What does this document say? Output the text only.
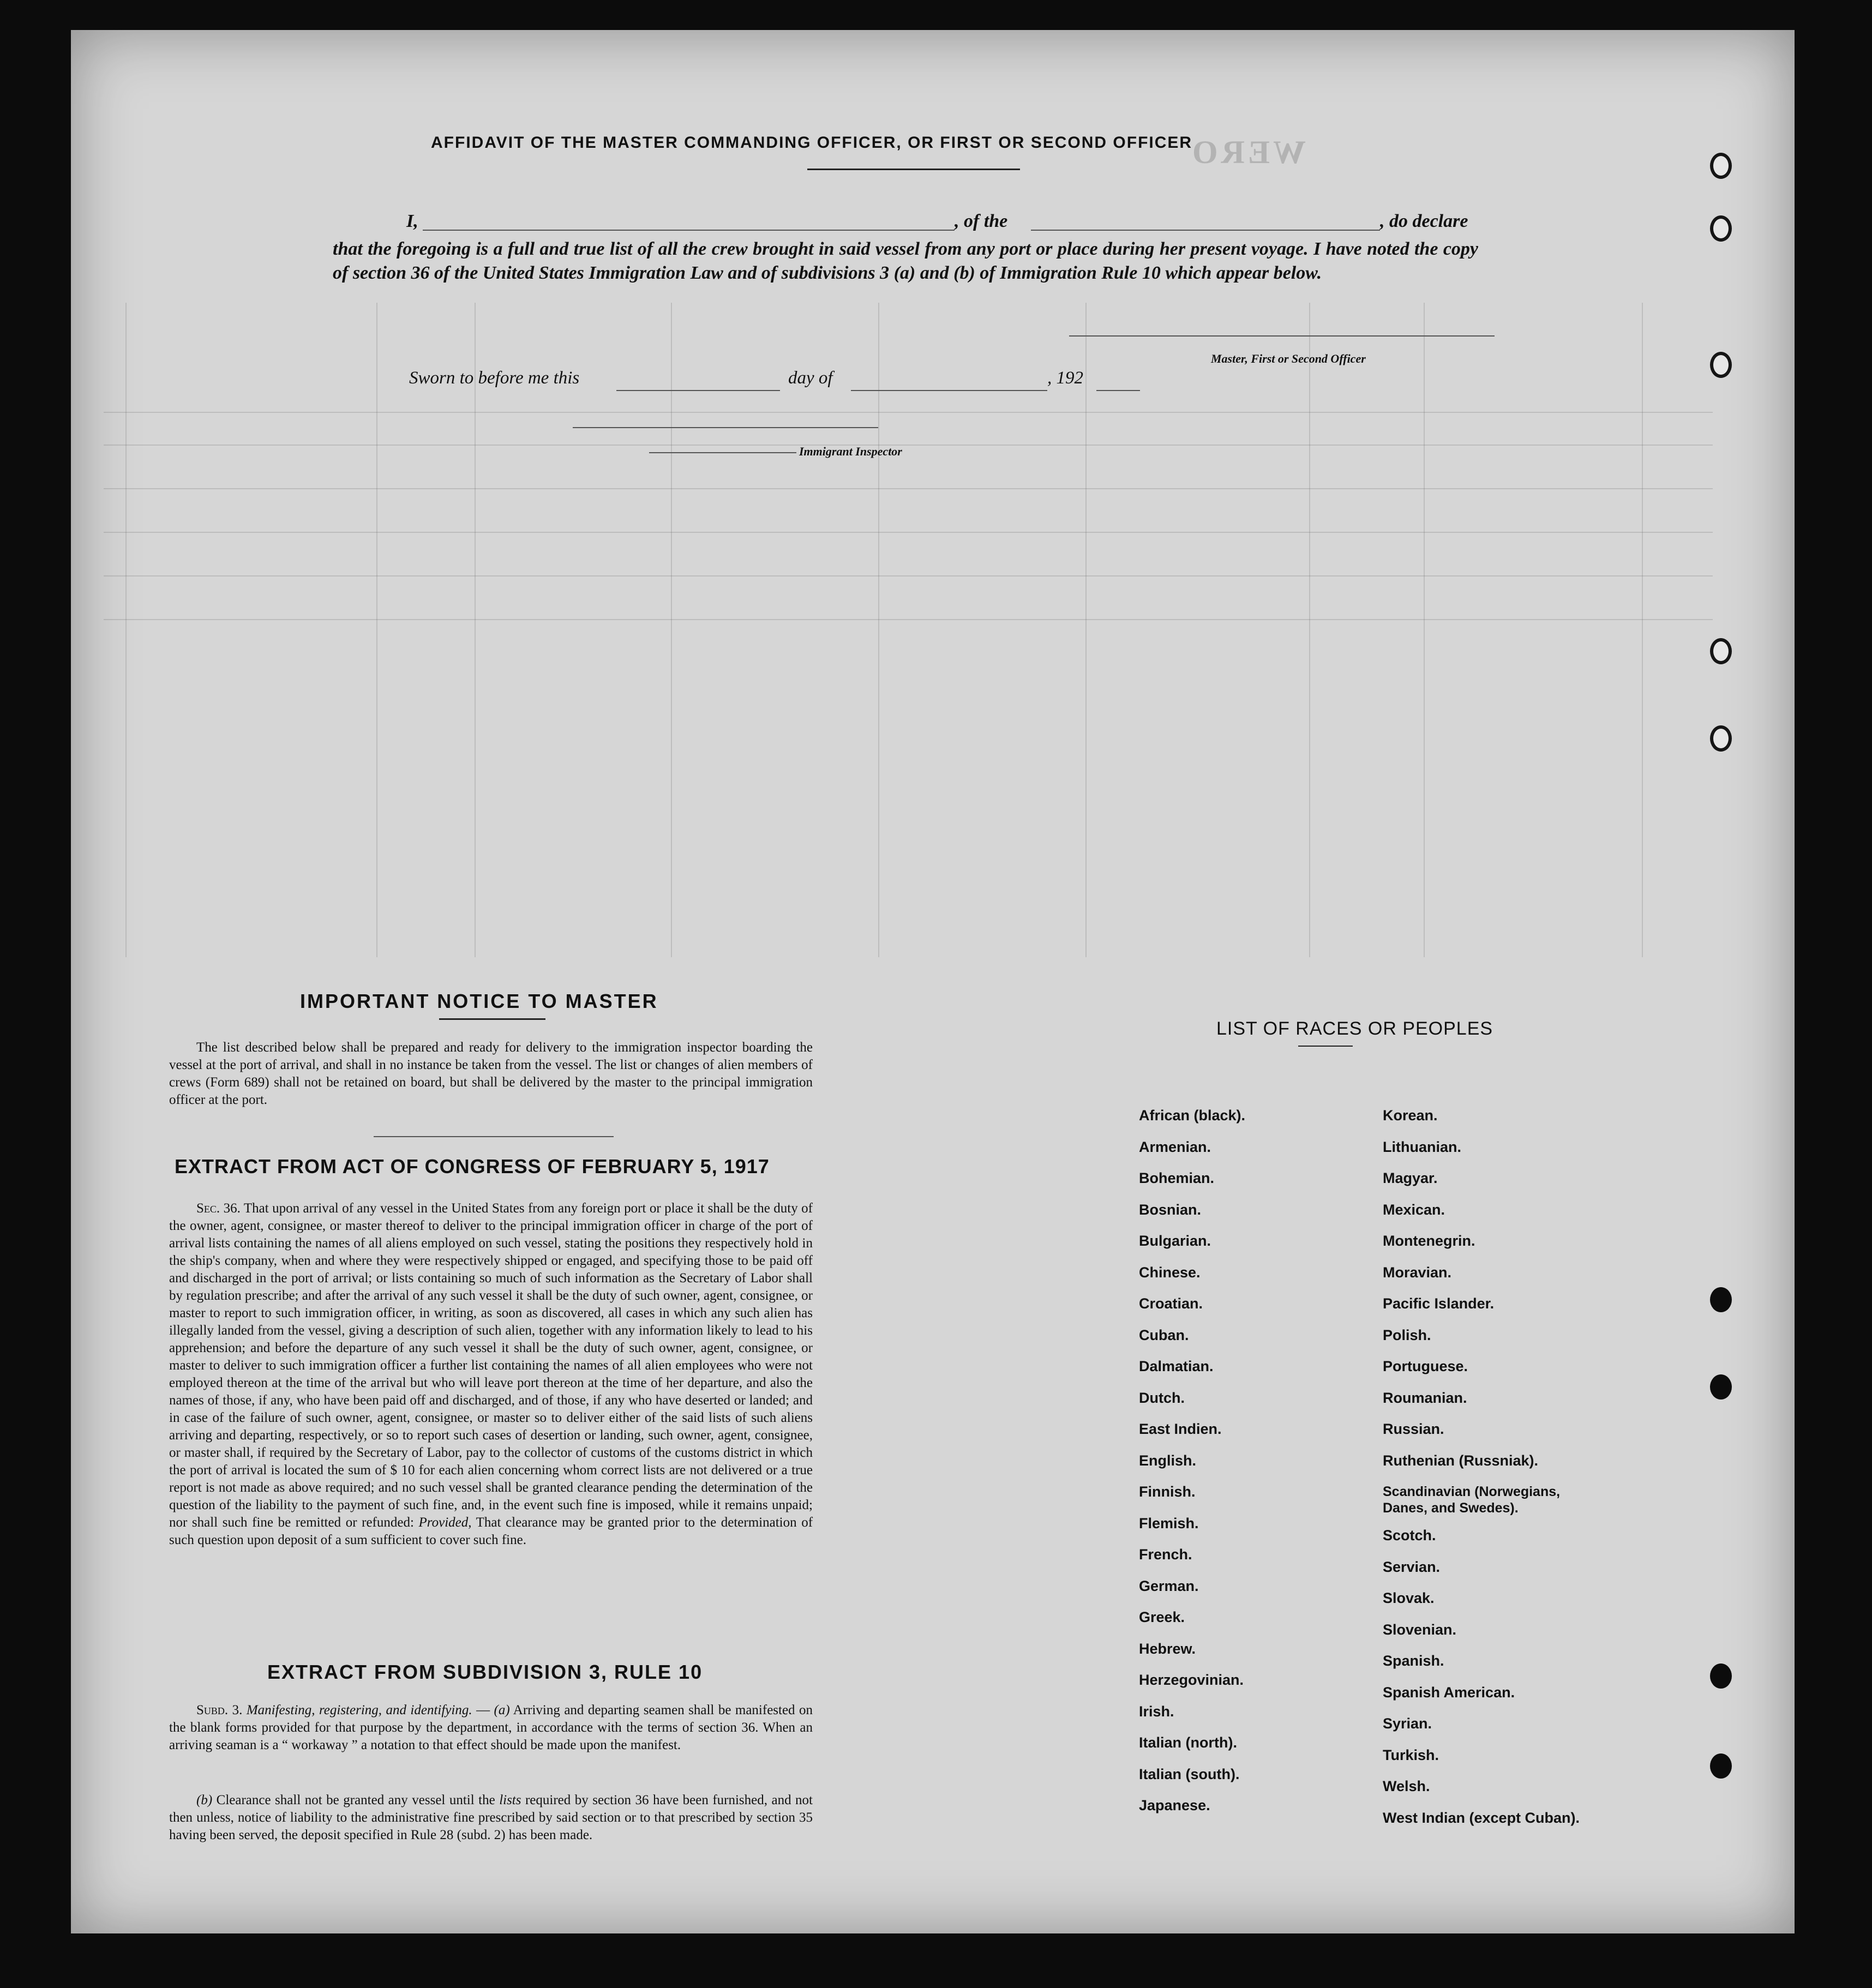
WERO
AFFIDAVIT OF THE MASTER COMMANDING OFFICER, OR FIRST OR SECOND OFFICER
I,	, of the	, do declare
that the foregoing is a full and true list of all the crew brought in said vessel from any port or place during her present voyage. I have noted the copy of section 36 of the United States Immigration Law and of subdivisions 3 (a) and (b) of Immigration Rule 10 which appear below.
Master, First or Second Officer
Sworn to before me this	day of	, 192
Immigrant Inspector
IMPORTANT NOTICE TO MASTER
The list described below shall be prepared and ready for delivery to the immigration inspector boarding the vessel at the port of arrival, and shall in no instance be taken from the vessel. The list or changes of alien members of crews (Form 689) shall not be retained on board, but shall be delivered by the master to the principal immigration officer at the port.
EXTRACT FROM ACT OF CONGRESS OF FEBRUARY 5, 1917
Sec. 36. That upon arrival of any vessel in the United States from any foreign port or place it shall be the duty of the owner, agent, consignee, or master thereof to deliver to the principal immigration officer in charge of the port of arrival lists containing the names of all aliens employed on such vessel, stating the positions they respectively hold in the ship's company, when and where they were respectively shipped or engaged, and specifying those to be paid off and discharged in the port of arrival; or lists containing so much of such information as the Secretary of Labor shall by regulation prescribe; and after the arrival of any such vessel it shall be the duty of such owner, agent, consignee, or master to report to such immigration officer, in writing, as soon as discovered, all cases in which any such alien has illegally landed from the vessel, giving a description of such alien, together with any information likely to lead to his apprehension; and before the departure of any such vessel it shall be the duty of such owner, agent, consignee, or master to deliver to such immigration officer a further list containing the names of all alien employees who were not employed thereon at the time of the arrival but who will leave port thereon at the time of her departure, and also the names of those, if any, who have been paid off and discharged, and of those, if any who have deserted or landed; and in case of the failure of such owner, agent, consignee, or master so to deliver either of the said lists of such aliens arriving and departing, respectively, or so to report such cases of desertion or landing, such owner, agent, consignee, or master shall, if required by the Secretary of Labor, pay to the collector of customs of the customs district in which the port of arrival is located the sum of $ 10 for each alien concerning whom correct lists are not delivered or a true report is not made as above required; and no such vessel shall be granted clearance pending the determination of the question of the liability to the payment of such fine, and, in the event such fine is imposed, while it remains unpaid; nor shall such fine be remitted or refunded: Provided, That clearance may be granted prior to the determination of such question upon deposit of a sum sufficient to cover such fine.
EXTRACT FROM SUBDIVISION 3, RULE 10
Subd. 3. Manifesting, registering, and identifying. — (a) Arriving and departing seamen shall be manifested on the blank forms provided for that purpose by the department, in accordance with the terms of section 36. When an arriving seaman is a “ workaway ” a notation to that effect should be made upon the manifest.
(b) Clearance shall not be granted any vessel until the lists required by section 36 have been furnished, and not then unless, notice of liability to the administrative fine prescribed by said section or to that prescribed by section 35 having been served, the deposit specified in Rule 28 (subd. 2) has been made.
LIST OF RACES OR PEOPLES
African (black).
Armenian.
Bohemian.
Bosnian.
Bulgarian.
Chinese.
Croatian.
Cuban.
Dalmatian.
Dutch.
East Indien.
English.
Finnish.
Flemish.
French.
German.
Greek.
Hebrew.
Herzegovinian.
Irish.
Italian (north).
Italian (south).
Japanese.
Korean.
Lithuanian.
Magyar.
Mexican.
Montenegrin.
Moravian.
Pacific Islander.
Polish.
Portuguese.
Roumanian.
Russian.
Ruthenian (Russniak).
Scandinavian (Norwegians, Danes, and Swedes).
Scotch.
Servian.
Slovak.
Slovenian.
Spanish.
Spanish American.
Syrian.
Turkish.
Welsh.
West Indian (except Cuban).
